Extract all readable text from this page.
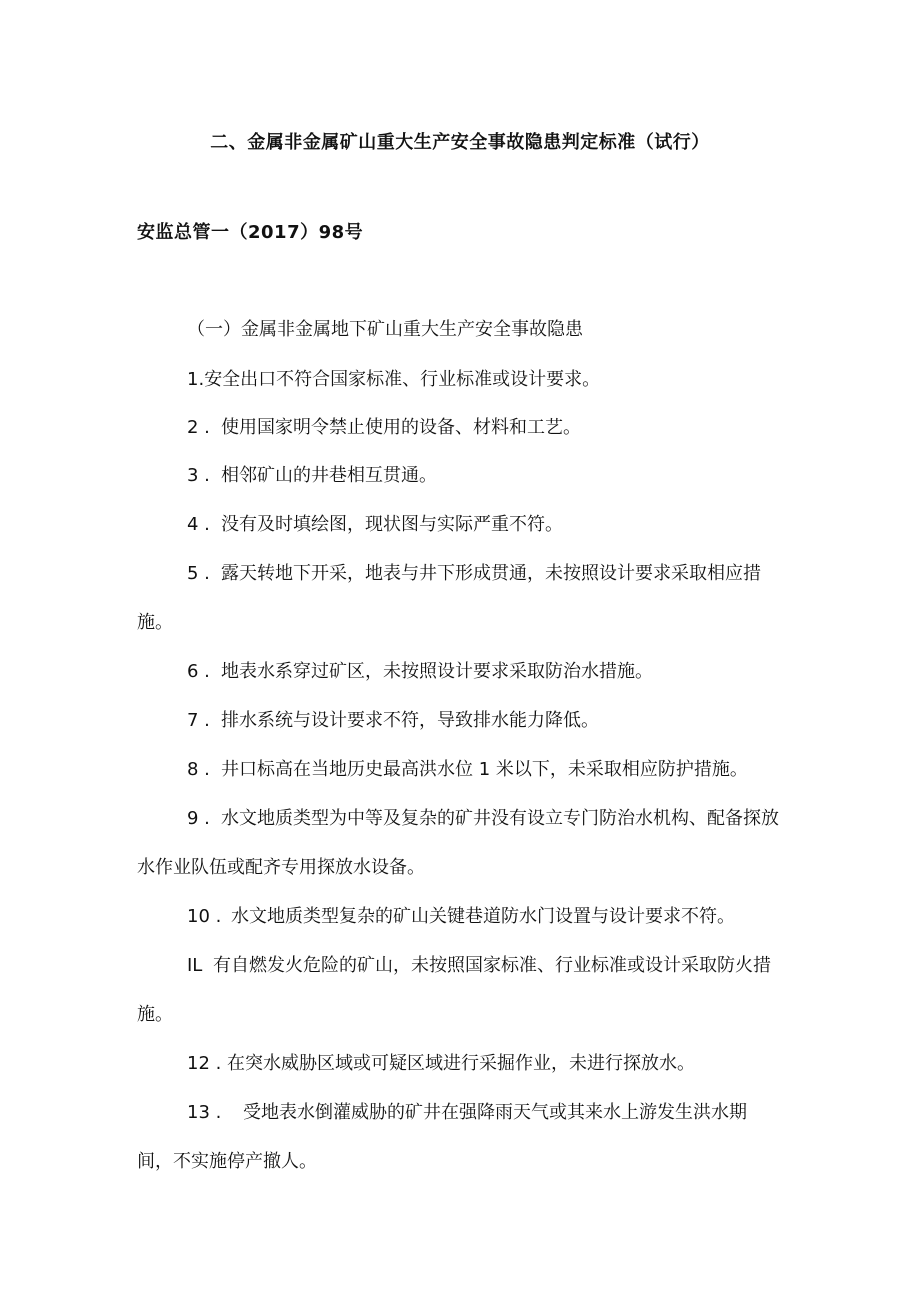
二、金属非金属矿山重大生产安全事故隐患判定标准（试行）
安监总管一（2017）98号
（一）金属非金属地下矿山重大生产安全事故隐患
1.安全出口不符合国家标准、行业标准或设计要求。
2 . 使用国家明令禁止使用的设备、材料和工艺。
3 . 相邻矿山的井巷相互贯通。
4 . 没有及时填绘图，现状图与实际严重不符。
5 . 露天转地下开采，地表与井下形成贯通，未按照设计要求采取相应措
施。
6 . 地表水系穿过矿区，未按照设计要求采取防治水措施。
7 . 排水系统与设计要求不符，导致排水能力降低。
8 . 井口标高在当地历史最高洪水位 1 米以下，未采取相应防护措施。
9 . 水文地质类型为中等及复杂的矿井没有设立专门防治水机构、配备探放
水作业队伍或配齐专用探放水设备。
10 . 水文地质类型复杂的矿山关键巷道防水门设置与设计要求不符。
IL 有自燃发火危险的矿山，未按照国家标准、行业标准或设计采取防火措
施。
12 . 在突水威胁区域或可疑区域进行采掘作业，未进行探放水。
13 . 受地表水倒灌威胁的矿井在强降雨天气或其来水上游发生洪水期
间，不实施停产撤人。
